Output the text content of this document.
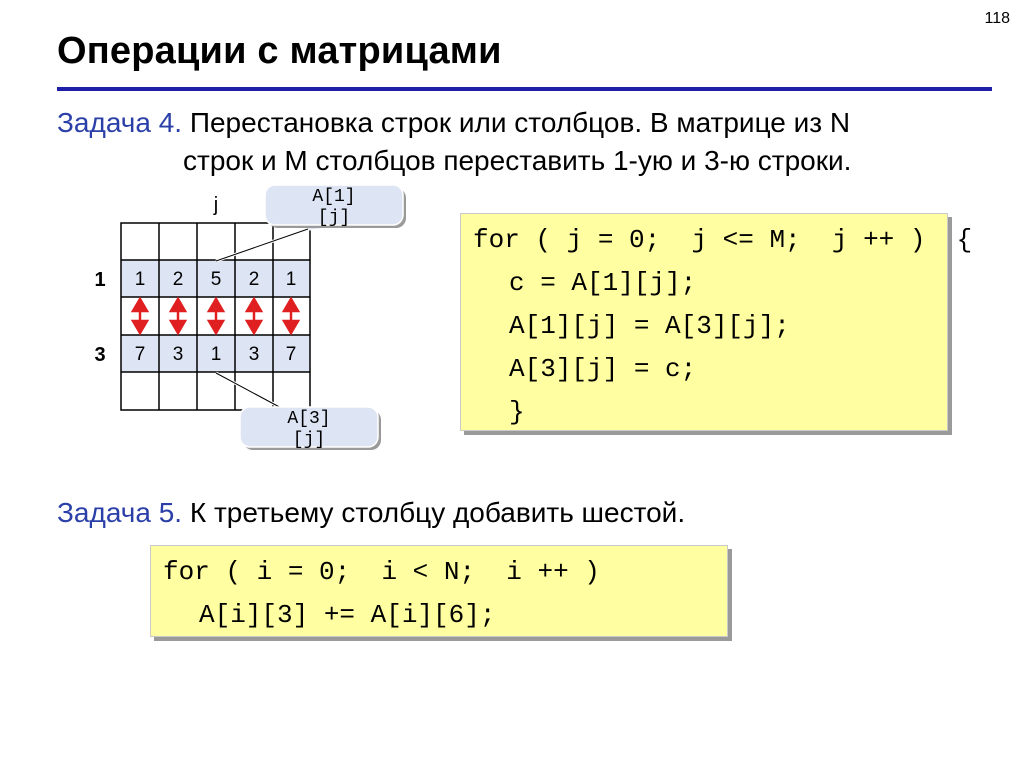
118
Операции с матрицами
Задача 4. Перестановка строк или столбцов. В матрице из N
строк и M столбцов переставить 1-ую и 3-ю строки.
j
1
3
1 2 5 2 1
7 3 1 3 7
A[1]
[j]
A[3]
[j]
for ( j = 0;  j <= M;  j ++ )  {
c = A[1][j];
A[1][j] = A[3][j];
A[3][j] = c;
}
Задача 5. К третьему столбцу добавить шестой.
for ( i = 0;  i < N;  i ++ )
A[i][3] += A[i][6];
